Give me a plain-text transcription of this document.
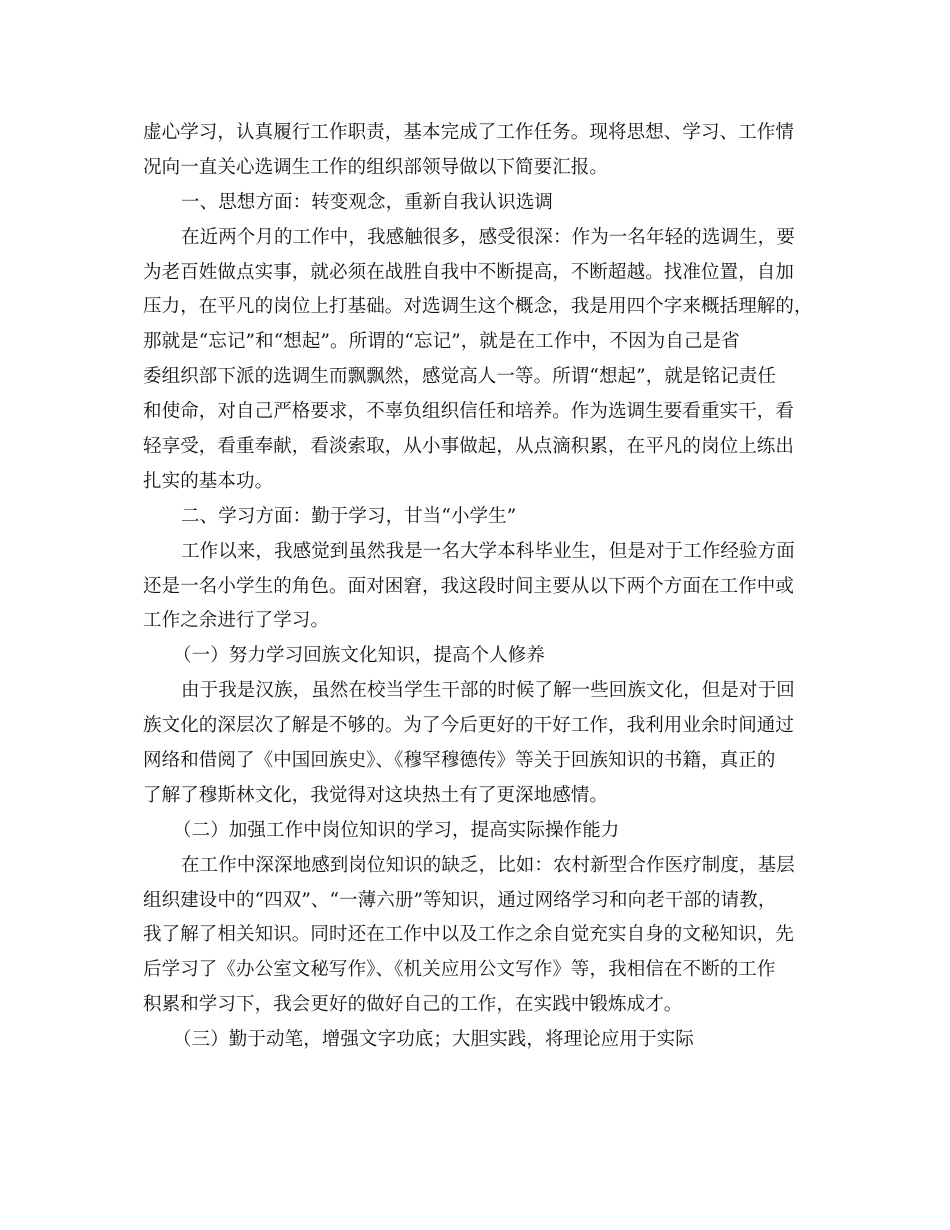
虚心学习，认真履行工作职责，基本完成了工作任务。现将思想、学习、工作情
况向一直关心选调生工作的组织部领导做以下简要汇报。
一、思想方面：转变观念，重新自我认识选调
在近两个月的工作中，我感触很多，感受很深：作为一名年轻的选调生，要
为老百姓做点实事，就必须在战胜自我中不断提高，不断超越。找准位置，自加
压力，在平凡的岗位上打基础。对选调生这个概念，我是用四个字来概括理解的，
那就是“忘记”和“想起”。所谓的“忘记”，就是在工作中，不因为自己是省
委组织部下派的选调生而飘飘然，感觉高人一等。所谓“想起”，就是铭记责任
和使命，对自己严格要求，不辜负组织信任和培养。作为选调生要看重实干，看
轻享受，看重奉献，看淡索取，从小事做起，从点滴积累，在平凡的岗位上练出
扎实的基本功。
二、学习方面：勤于学习，甘当“小学生”
工作以来，我感觉到虽然我是一名大学本科毕业生，但是对于工作经验方面
还是一名小学生的角色。面对困窘，我这段时间主要从以下两个方面在工作中或
工作之余进行了学习。
（一）努力学习回族文化知识，提高个人修养
由于我是汉族，虽然在校当学生干部的时候了解一些回族文化，但是对于回
族文化的深层次了解是不够的。为了今后更好的干好工作，我利用业余时间通过
网络和借阅了《中国回族史》、《穆罕穆德传》等关于回族知识的书籍，真正的
了解了穆斯林文化，我觉得对这块热土有了更深地感情。
（二）加强工作中岗位知识的学习，提高实际操作能力
在工作中深深地感到岗位知识的缺乏，比如：农村新型合作医疗制度，基层
组织建设中的“四双”、“一薄六册”等知识，通过网络学习和向老干部的请教，
我了解了相关知识。同时还在工作中以及工作之余自觉充实自身的文秘知识，先
后学习了《办公室文秘写作》、《机关应用公文写作》等，我相信在不断的工作
积累和学习下，我会更好的做好自己的工作，在实践中锻炼成才。
（三）勤于动笔，增强文字功底；大胆实践，将理论应用于实际
